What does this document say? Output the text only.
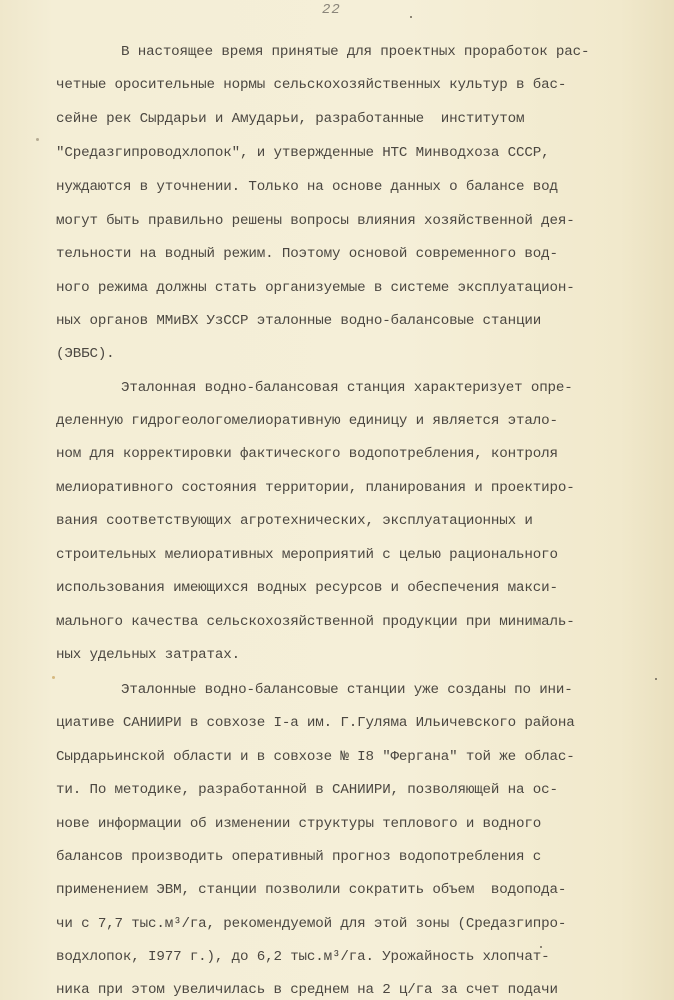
22
В настоящее время принятые для проектных проработок рас-
четные оросительные нормы сельскохозяйственных культур в бас-
сейне рек Сырдарьи и Амударьи, разработанные  институтом
"Средазгипроводхлопок", и утвержденные НТС Минводхоза СССР,
нуждаются в уточнении. Только на основе данных о балансе вод
могут быть правильно решены вопросы влияния хозяйственной дея-
тельности на водный режим. Поэтому основой современного вод-
ного режима должны стать организуемые в системе эксплуатацион-
ных органов ММиВХ УзССР эталонные водно-балансовые станции
(ЭВБС).
Эталонная водно-балансовая станция характеризует опре-
деленную гидрогеологомелиоративную единицу и является этало-
ном для корректировки фактического водопотребления, контроля
мелиоративного состояния территории, планирования и проектиро-
вания соответствующих агротехнических, эксплуатационных и
строительных мелиоративных мероприятий с целью рационального
использования имеющихся водных ресурсов и обеспечения макси-
мального качества сельскохозяйственной продукции при минималь-
ных удельных затратах.
Эталонные водно-балансовые станции уже созданы по ини-
циативе САНИИРИ в совхозе I-а им. Г.Гуляма Ильичевского района
Сырдарьинской области и в совхозе № I8 "Фергана" той же облас-
ти. По методике, разработанной в САНИИРИ, позволяющей на ос-
нове информации об изменении структуры теплового и водного
балансов производить оперативный прогноз водопотребления с
применением ЭВМ, станции позволили сократить объем  водопода-
чи с 7,7 тыс.м³/га, рекомендуемой для этой зоны (Средазгипро-
водхлопок, I977 г.), до 6,2 тыс.м³/га. Урожайность хлопчат-
ника при этом увеличилась в среднем на 2 ц/га за счет подачи
